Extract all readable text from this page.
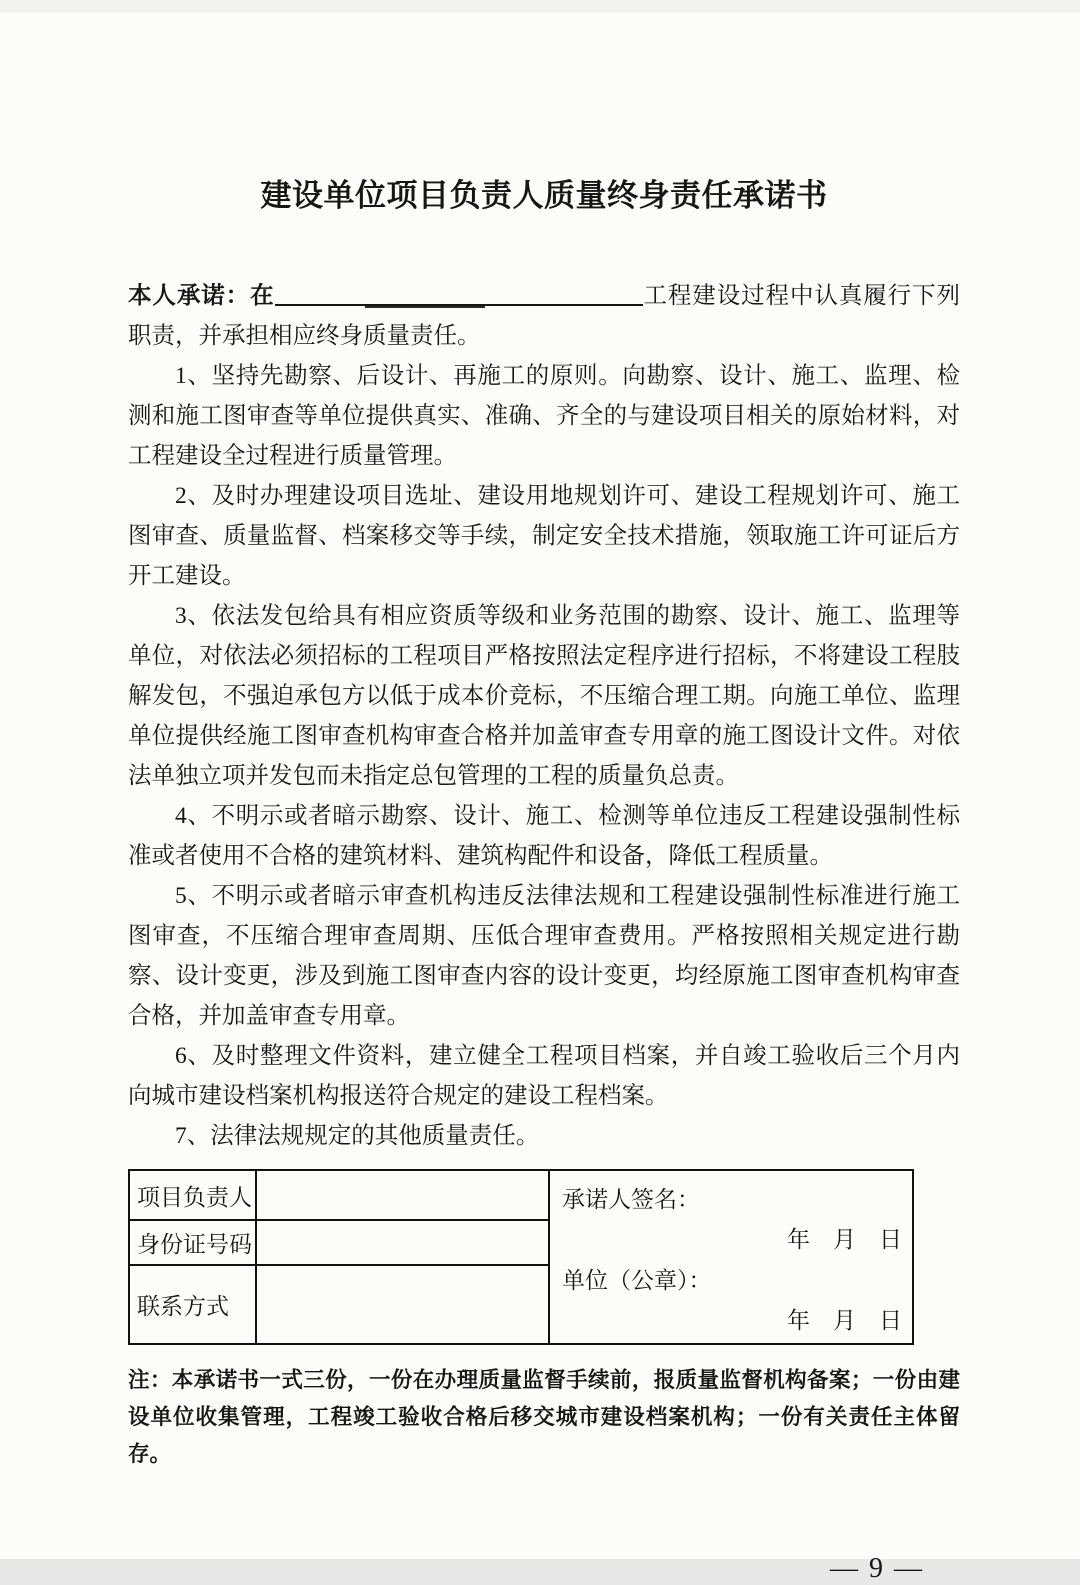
建设单位项目负责人质量终身责任承诺书

本人承诺：在	工程建设过程中认真履行下列职责，并承担相应终身质量责任。

1、坚持先勘察、后设计、再施工的原则。向勘察、设计、施工、监理、检测和施工图审查等单位提供真实、准确、齐全的与建设项目相关的原始材料，对工程建设全过程进行质量管理。

2、及时办理建设项目选址、建设用地规划许可、建设工程规划许可、施工图审查、质量监督、档案移交等手续，制定安全技术措施，领取施工许可证后方开工建设。

3、依法发包给具有相应资质等级和业务范围的勘察、设计、施工、监理等单位，对依法必须招标的工程项目严格按照法定程序进行招标，不将建设工程肢解发包，不强迫承包方以低于成本价竞标，不压缩合理工期。向施工单位、监理单位提供经施工图审查机构审查合格并加盖审查专用章的施工图设计文件。对依法单独立项并发包而未指定总包管理的工程的质量负总责。

4、不明示或者暗示勘察、设计、施工、检测等单位违反工程建设强制性标准或者使用不合格的建筑材料、建筑构配件和设备，降低工程质量。

5、不明示或者暗示审查机构违反法律法规和工程建设强制性标准进行施工图审查，不压缩合理审查周期、压低合理审查费用。严格按照相关规定进行勘察、设计变更，涉及到施工图审查内容的设计变更，均经原施工图审查机构审查合格，并加盖审查专用章。

6、及时整理文件资料，建立健全工程项目档案，并自竣工验收后三个月内向城市建设档案机构报送符合规定的建设工程档案。

7、法律法规规定的其他质量责任。

项目负责人	承诺人签名：
年　月　日
单位（公章）：
年　月　日
身份证号码
联系方式

注：本承诺书一式三份，一份在办理质量监督手续前，报质量监督机构备案；一份由建设单位收集管理，工程竣工验收合格后移交城市建设档案机构；一份有关责任主体留存。

— 9 —
